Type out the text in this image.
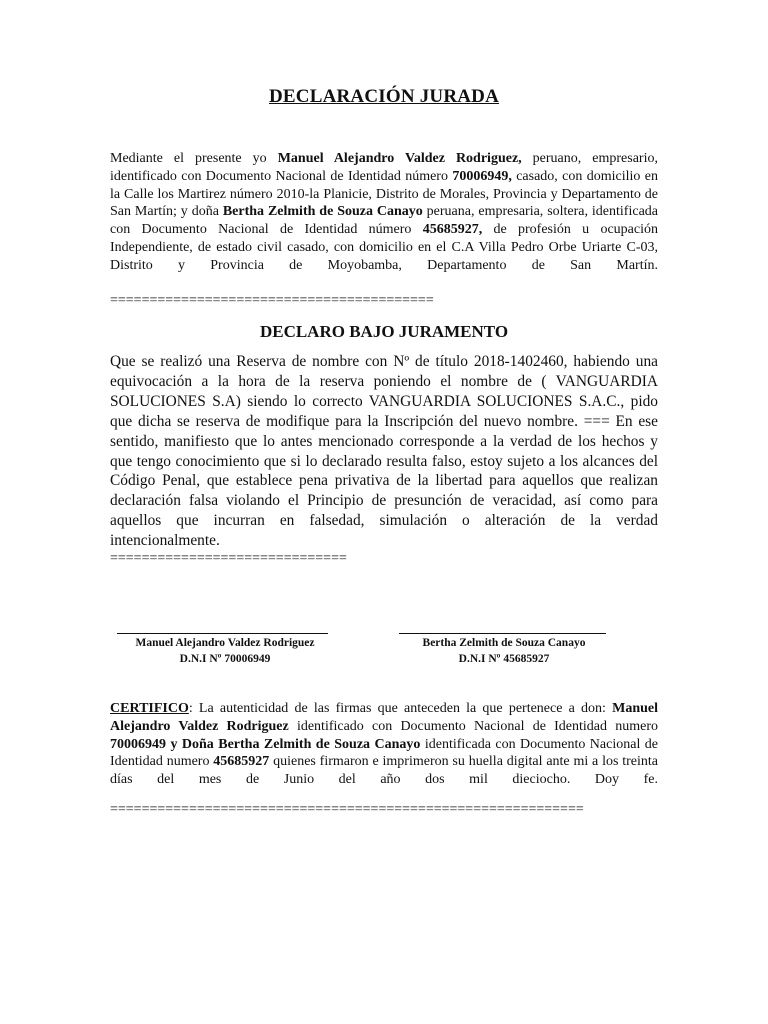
DECLARACIÓN JURADA
Mediante el presente yo Manuel Alejandro Valdez Rodriguez, peruano, empresario, identificado con Documento Nacional de Identidad número 70006949, casado, con domicilio en la Calle los Martirez número 2010-la Planicie, Distrito de Morales, Provincia y Departamento de San Martín; y doña Bertha Zelmith de Souza Canayo peruana, empresaria, soltera, identificada con Documento Nacional de Identidad número 45685927, de profesión u ocupación Independiente, de estado civil casado, con domicilio en el C.A Villa Pedro Orbe Uriarte C-03, Distrito y Provincia de Moyobamba, Departamento de San Martín.
=========================================
DECLARO BAJO JURAMENTO
Que se realizó una Reserva de nombre con Nº de título 2018-1402460, habiendo una equivocación a la hora de la reserva poniendo el nombre de ( VANGUARDIA SOLUCIONES S.A) siendo lo correcto VANGUARDIA SOLUCIONES S.A.C., pido que dicha se reserva de modifique para la Inscripción del nuevo nombre. === En ese sentido, manifiesto que lo antes mencionado corresponde a la verdad de los hechos y que tengo conocimiento que si lo declarado resulta falso, estoy sujeto a los alcances del Código Penal, que establece pena privativa de la libertad para aquellos que realizan declaración falsa violando el Principio de presunción de veracidad, así como para aquellos que incurran en falsedad, simulación o alteración de la verdad intencionalmente.
==============================
Manuel Alejandro Valdez Rodriguez
D.N.I Nº 70006949
Bertha Zelmith de Souza Canayo
D.N.I Nº 45685927
CERTIFICO: La autenticidad de las firmas que anteceden la que pertenece a don: Manuel Alejandro Valdez Rodriguez identificado con Documento Nacional de Identidad numero 70006949 y Doña Bertha Zelmith de Souza Canayo identificada con Documento Nacional de Identidad numero 45685927 quienes firmaron e imprimeron su huella digital ante mi a los treinta días del mes de Junio del año dos mil dieciocho. Doy fe.
============================================================
